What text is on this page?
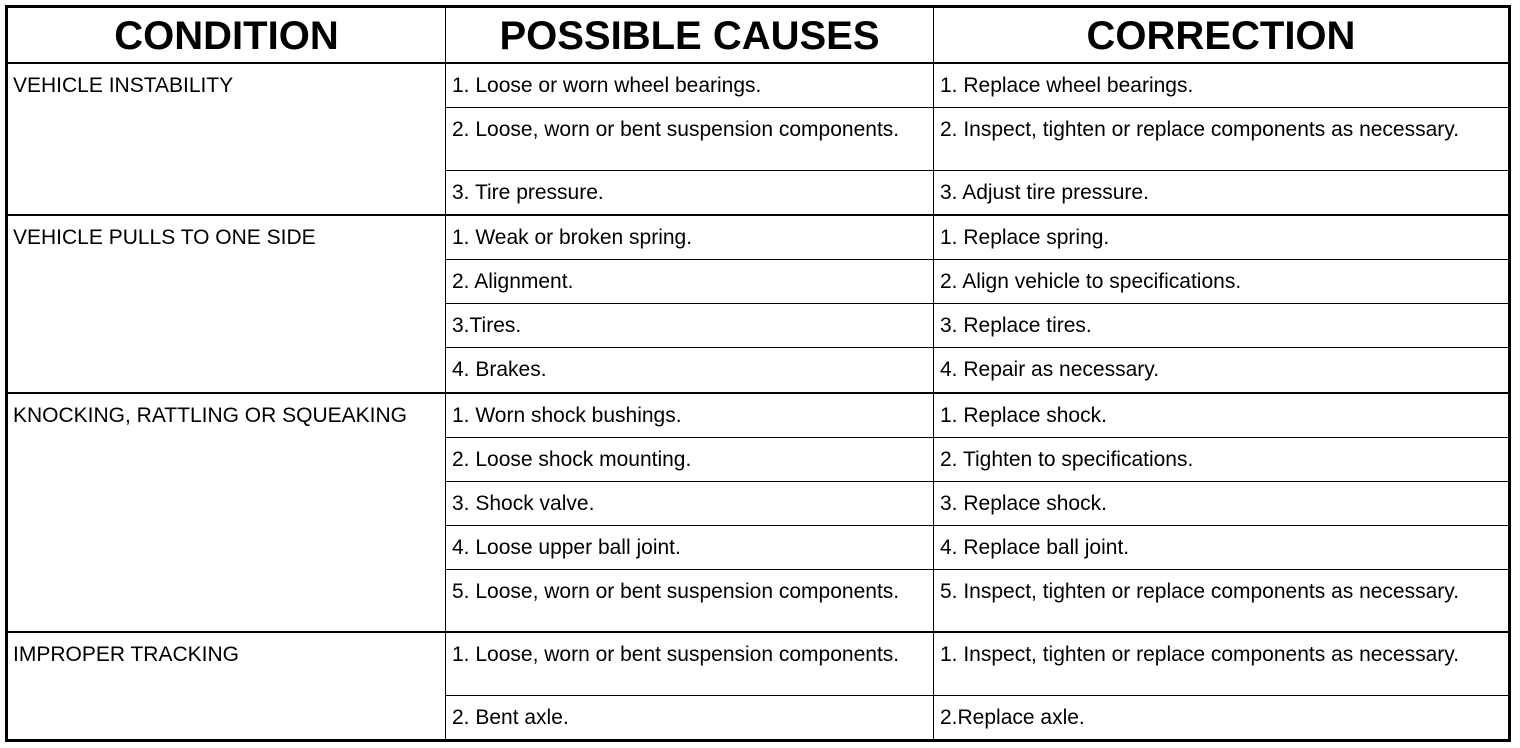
CONDITION	POSSIBLE CAUSES	CORRECTION
VEHICLE INSTABILITY	1. Loose or worn wheel bearings.	1. Replace wheel bearings.
	2. Loose, worn or bent suspension components.	2. Inspect, tighten or replace components as necessary.
	3. Tire pressure.	3. Adjust tire pressure.
VEHICLE PULLS TO ONE SIDE	1. Weak or broken spring.	1. Replace spring.
	2. Alignment.	2. Align vehicle to specifications.
	3.Tires.	3. Replace tires.
	4. Brakes.	4. Repair as necessary.
KNOCKING, RATTLING OR SQUEAKING	1. Worn shock bushings.	1. Replace shock.
	2. Loose shock mounting.	2. Tighten to specifications.
	3. Shock valve.	3. Replace shock.
	4. Loose upper ball joint.	4. Replace ball joint.
	5. Loose, worn or bent suspension components.	5. Inspect, tighten or replace components as necessary.
IMPROPER TRACKING	1. Loose, worn or bent suspension components.	1. Inspect, tighten or replace components as necessary.
	2. Bent axle.	2.Replace axle.
